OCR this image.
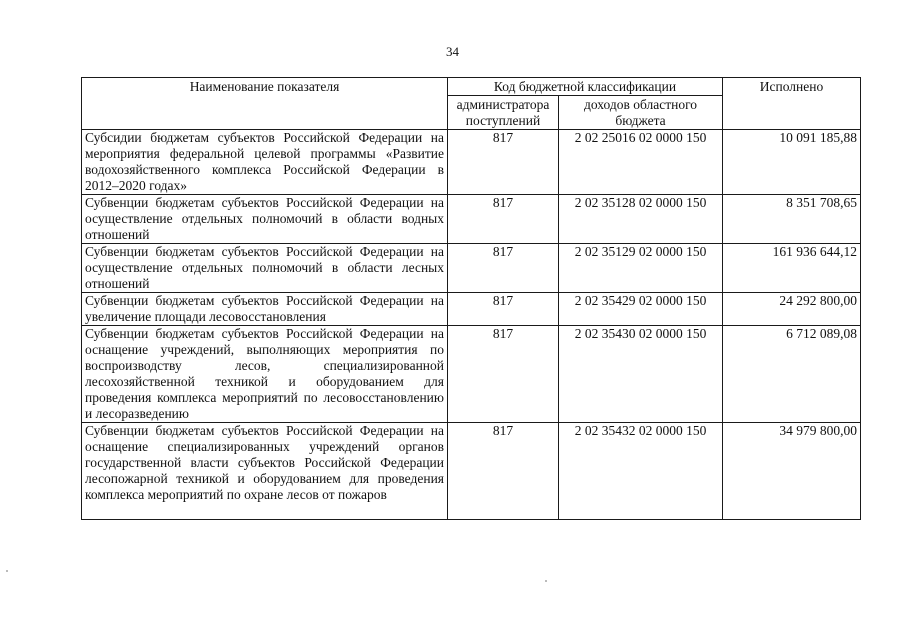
34
Наименование показателя	Код бюджетной классификации		Исполнено
	администратора поступлений	доходов областного бюджета	
Субсидии бюджетам субъектов Российской Федерации на мероприятия федеральной целевой программы «Развитие водохозяйственного комплекса Российской Федерации в 2012–2020 годах»	817	2 02 25016 02 0000 150	10 091 185,88
Субвенции бюджетам субъектов Российской Федерации на осуществление отдельных полномочий в области водных отношений	817	2 02 35128 02 0000 150	8 351 708,65
Субвенции бюджетам субъектов Российской Федерации на осуществление отдельных полномочий в области лесных отношений	817	2 02 35129 02 0000 150	161 936 644,12
Субвенции бюджетам субъектов Российской Федерации на увеличение площади лесовосстановления	817	2 02 35429 02 0000 150	24 292 800,00
Субвенции бюджетам субъектов Российской Федерации на оснащение учреждений, выполняющих мероприятия по воспроизводству лесов, специализированной лесохозяйственной техникой и оборудованием для проведения комплекса мероприятий по лесовосстановлению и лесоразведению	817	2 02 35430 02 0000 150	6 712 089,08
Субвенции бюджетам субъектов Российской Федерации на оснащение специализированных учреждений органов государственной власти субъектов Российской Федерации лесопожарной техникой и оборудованием для проведения комплекса мероприятий по охране лесов от пожаров	817	2 02 35432 02 0000 150	34 979 800,00
